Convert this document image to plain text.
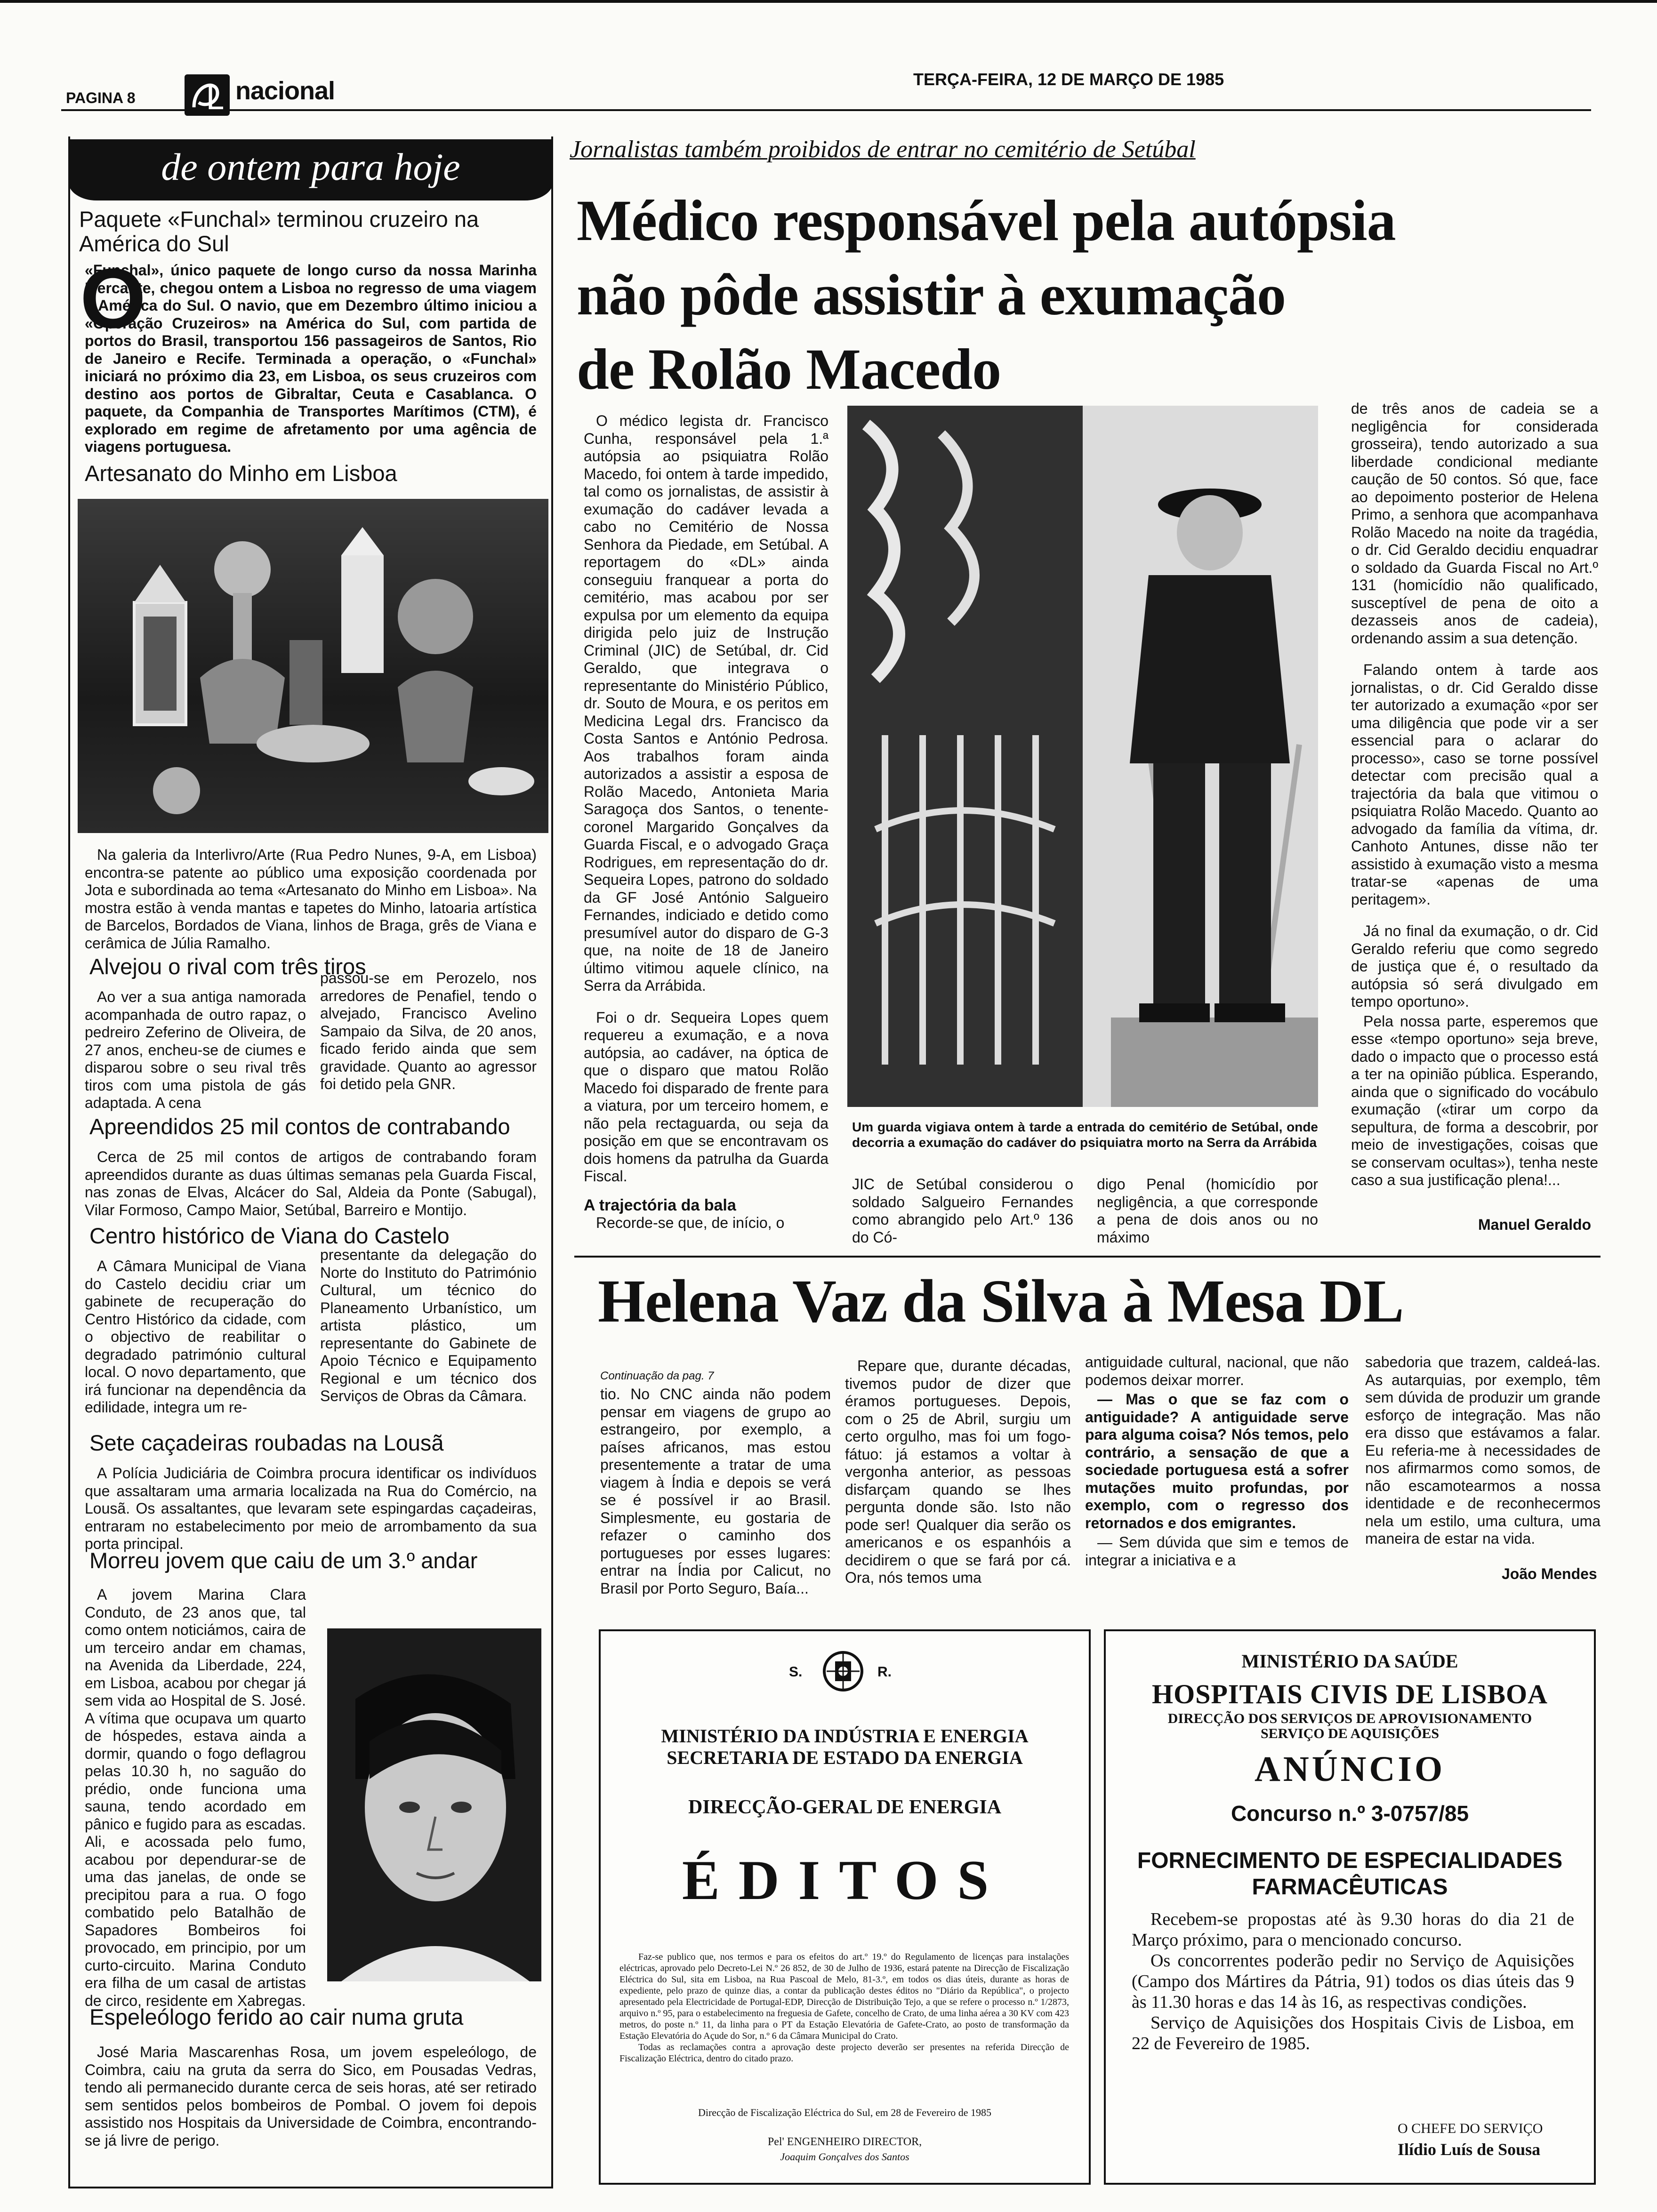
PAGINA 8	nacional	TERÇA-FEIRA, 12 DE MARÇO DE 1985
de ontem para hoje
Paquete «Funchal» terminou cruzeiro na América do Sul
O

«Funchal», único paquete de longo curso da nossa Marinha Mercante, chegou ontem a Lisboa no regresso de uma viagem à América do Sul. O navio, que em Dezembro último iniciou a «Operação Cruzeiros» na América do Sul, com partida de portos do Brasil, transportou 156 passageiros de Santos, Rio de Janeiro e Recife. Terminada a operação, o «Funchal» iniciará no próximo dia 23, em Lisboa, os seus cruzeiros com destino aos portos de Gibraltar, Ceuta e Casablanca. O paquete, da Companhia de Transportes Marítimos (CTM), é explorado em regime de afretamento por uma agência de viagens portuguesa.

Artesanato do Minho em Lisboa

Na galeria da Interlivro/Arte (Rua Pedro Nunes, 9-A, em Lisboa) encontra-se patente ao público uma exposição coordenada por Jota e subordinada ao tema «Artesanato do Minho em Lisboa». Na mostra estão à venda mantas e tapetes do Minho, latoaria artística de Barcelos, Bordados de Viana, linhos de Braga, grês de Viana e cerâmica de Júlia Ramalho.

Alvejou o rival com três tiros

Ao ver a sua antiga namorada acompanhada de outro rapaz, o pedreiro Zeferino de Oliveira, de 27 anos, encheu-se de ciumes e disparou sobre o seu rival três tiros com uma pistola de gás adaptada. A cena

passou-se em Perozelo, nos arredores de Penafiel, tendo o alvejado, Francisco Avelino Sampaio da Silva, de 20 anos, ficado ferido ainda que sem gravidade. Quanto ao agressor foi detido pela GNR.

Apreendidos 25 mil contos de contrabando

Cerca de 25 mil contos de artigos de contrabando foram apreendidos durante as duas últimas semanas pela Guarda Fiscal, nas zonas de Elvas, Alcácer do Sal, Aldeia da Ponte (Sabugal), Vilar Formoso, Campo Maior, Setúbal, Barreiro e Montijo.

Centro histórico de Viana do Castelo

A Câmara Municipal de Viana do Castelo decidiu criar um gabinete de recuperação do Centro Histórico da cidade, com o objectivo de reabilitar o degradado património cultural local. O novo departamento, que irá funcionar na dependência da edilidade, integra um re-

presentante da delegação do Norte do Instituto do Património Cultural, um técnico do Planeamento Urbanístico, um artista plástico, um representante do Gabinete de Apoio Técnico e Equipamento Regional e um técnico dos Serviços de Obras da Câmara.

Sete caçadeiras roubadas na Lousã

A Polícia Judiciária de Coimbra procura identificar os indivíduos que assaltaram uma armaria localizada na Rua do Comércio, na Lousã. Os assaltantes, que levaram sete espingardas caçadeiras, entraram no estabelecimento por meio de arrombamento da sua porta principal.

Morreu jovem que caiu de um 3.º andar

A jovem Marina Clara Conduto, de 23 anos que, tal como ontem noticiámos, caira de um terceiro andar em chamas, na Avenida da Liberdade, 224, em Lisboa, acabou por chegar já sem vida ao Hospital de S. José. A vítima que ocupava um quarto de hóspedes, estava ainda a dormir, quando o fogo deflagrou pelas 10.30 h, no saguão do prédio, onde funciona uma sauna, tendo acordado em pânico e fugido para as escadas. Ali, e acossada pelo fumo, acabou por dependurar-se de uma das janelas, de onde se precipitou para a rua. O fogo combatido pelo Batalhão de Sapadores Bombeiros foi provocado, em principio, por um curto-circuito. Marina Conduto era filha de um casal de artistas de circo, residente em Xabregas.

Espeleólogo ferido ao cair numa gruta

José Maria Mascarenhas Rosa, um jovem espeleólogo, de Coimbra, caiu na gruta da serra do Sico, em Pousadas Vedras, tendo ali permanecido durante cerca de seis horas, até ser retirado sem sentidos pelos bombeiros de Pombal. O jovem foi depois assistido nos Hospitais da Universidade de Coimbra, encontrando-se já livre de perigo.

Jornalistas também proibidos de entrar no cemitério de Setúbal
Médico responsável pela autópsia
não pôde assistir à exumação
de Rolão Macedo

O médico legista dr. Francisco Cunha, responsável pela 1.ª autópsia ao psiquiatra Rolão Macedo, foi ontem à tarde impedido, tal como os jornalistas, de assistir à exumação do cadáver levada a cabo no Cemitério de Nossa Senhora da Piedade, em Setúbal. A reportagem do «DL» ainda conseguiu franquear a porta do cemitério, mas acabou por ser expulsa por um elemento da equipa dirigida pelo juiz de Instrução Criminal (JIC) de Setúbal, dr. Cid Geraldo, que integrava o representante do Ministério Público, dr. Souto de Moura, e os peritos em Medicina Legal drs. Francisco da Costa Santos e António Pedrosa. Aos trabalhos foram ainda autorizados a assistir a esposa de Rolão Macedo, Antonieta Maria Saragoça dos Santos, o tenente-coronel Margarido Gonçalves da Guarda Fiscal, e o advogado Graça Rodrigues, em representação do dr. Sequeira Lopes, patrono do soldado da GF José António Salgueiro Fernandes, indiciado e detido como presumível autor do disparo de G-3 que, na noite de 18 de Janeiro último vitimou aquele clínico, na Serra da Arrábida.

Foi o dr. Sequeira Lopes quem requereu a exumação, e a nova autópsia, ao cadáver, na óptica de que o disparo que matou Rolão Macedo foi disparado de frente para a viatura, por um terceiro homem, e não pela rectaguarda, ou seja da posição em que se encontravam os dois homens da patrulha da Guarda Fiscal.

A trajectória da bala

Recorde-se que, de início, o

Um guarda vigiava ontem à tarde a entrada do cemitério de Setúbal, onde decorria a exumação do cadáver do psiquiatra morto na Serra da Arrábida

JIC de Setúbal considerou o soldado Salgueiro Fernandes como abrangido pelo Art.º 136 do Có-

digo Penal (homicídio por negligência, a que corresponde a pena de dois anos ou no máximo

de três anos de cadeia se a negligência for considerada grosseira), tendo autorizado a sua liberdade condicional mediante caução de 50 contos. Só que, face ao depoimento posterior de Helena Primo, a senhora que acompanhava Rolão Macedo na noite da tragédia, o dr. Cid Geraldo decidiu enquadrar o soldado da Guarda Fiscal no Art.º 131 (homicídio não qualificado, susceptível de pena de oito a dezasseis anos de cadeia), ordenando assim a sua detenção.

Falando ontem à tarde aos jornalistas, o dr. Cid Geraldo disse ter autorizado a exumação «por ser uma diligência que pode vir a ser essencial para o aclarar do processo», caso se torne possível detectar com precisão qual a trajectória da bala que vitimou o psiquiatra Rolão Macedo. Quanto ao advogado da família da vítima, dr. Canhoto Antunes, disse não ter assistido à exumação visto a mesma tratar-se «apenas de uma peritagem».

Já no final da exumação, o dr. Cid Geraldo referiu que como segredo de justiça que é, o resultado da autópsia só será divulgado em tempo oportuno».

Pela nossa parte, esperemos que esse «tempo oportuno» seja breve, dado o impacto que o processo está a ter na opinião pública. Esperando, ainda que o significado do vocábulo exumação («tirar um corpo da sepultura, de forma a descobrir, por meio de investigações, coisas que se conservam ocultas»), tenha neste caso a sua justificação plena!...

Manuel Geraldo
Helena Vaz da Silva à Mesa DL
Continuação da pag. 7

tio. No CNC ainda não podem pensar em viagens de grupo ao estrangeiro, por exemplo, a países africanos, mas estou presentemente a tratar de uma viagem à Índia e depois se verá se é possível ir ao Brasil. Simplesmente, eu gostaria de refazer o caminho dos portugueses por esses lugares: entrar na Índia por Calicut, no Brasil por Porto Seguro, Baía...

Repare que, durante décadas, tivemos pudor de dizer que éramos portugueses. Depois, com o 25 de Abril, surgiu um certo orgulho, mas foi um fogo-fátuo: já estamos a voltar à vergonha anterior, as pessoas disfarçam quando se lhes pergunta donde são. Isto não pode ser! Qualquer dia serão os americanos e os espanhóis a decidirem o que se fará por cá. Ora, nós temos uma

antiguidade cultural, nacional, que não podemos deixar morrer.

— Mas o que se faz com o antiguidade? A antiguidade serve para alguma coisa? Nós temos, pelo contrário, a sensação de que a sociedade portuguesa está a sofrer mutações muito profundas, por exemplo, com o regresso dos retornados e dos emigrantes.

— Sem dúvida que sim e temos de integrar a iniciativa e a

sabedoria que trazem, caldeá-las. As autarquias, por exemplo, têm sem dúvida de produzir um grande esforço de integração. Mas não era disso que estávamos a falar. Eu referia-me à necessidades de nos afirmarmos como somos, de não escamotearmos a nossa identidade e de reconhecermos nela um estilo, uma cultura, uma maneira de estar na vida.

João Mendes
S.	R.
MINISTÉRIO DA INDÚSTRIA E ENERGIA
SECRETARIA DE ESTADO DA ENERGIA
DIRECÇÃO-GERAL DE ENERGIA
ÉDITOS

Faz-se publico que, nos termos e para os efeitos do art.º 19.º do Regulamento de licenças para instalações eléctricas, aprovado pelo Decreto-Lei N.º 26 852, de 30 de Julho de 1936, estará patente na Direcção de Fiscalização Eléctrica do Sul, sita em Lisboa, na Rua Pascoal de Melo, 81-3.º, em todos os dias úteis, durante as horas de expediente, pelo prazo de quinze dias, a contar da publicação destes éditos no "Diário da República", o projecto apresentado pela Electricidade de Portugal-EDP, Direcção de Distribuição Tejo, a que se refere o processo n.º 1/2873, arquivo n.º 95, para o estabelecimento na freguesia de Gafete, concelho de Crato, de uma linha aérea a 30 KV com 423 metros, do poste n.º 11, da linha para o PT da Estação Elevatória de Gafete-Crato, ao posto de transformação da Estação Elevatória do Açude do Sor, n.º 6 da Câmara Municipal do Crato.

Todas as reclamações contra a aprovação deste projecto deverão ser presentes na referida Direcção de Fiscalização Eléctrica, dentro do citado prazo.

Direcção de Fiscalização Eléctrica do Sul, em 28 de Fevereiro de 1985
Pel' ENGENHEIRO DIRECTOR,
Joaquim Gonçalves dos Santos
MINISTÉRIO DA SAÚDE
HOSPITAIS CIVIS DE LISBOA
DIRECÇÃO DOS SERVIÇOS DE APROVISIONAMENTO
SERVIÇO DE AQUISIÇÕES
ANÚNCIO
Concurso n.º 3-0757/85
FORNECIMENTO DE ESPECIALIDADES
FARMACÊUTICAS

Recebem-se propostas até às 9.30 horas do dia 21 de Março próximo, para o mencionado concurso.

Os concorrentes poderão pedir no Serviço de Aquisições (Campo dos Mártires da Pátria, 91) todos os dias úteis das 9 às 11.30 horas e das 14 às 16, as respectivas condições.

Serviço de Aquisições dos Hospitais Civis de Lisboa, em 22 de Fevereiro de 1985.

O CHEFE DO SERVIÇO
Ilídio Luís de Sousa
